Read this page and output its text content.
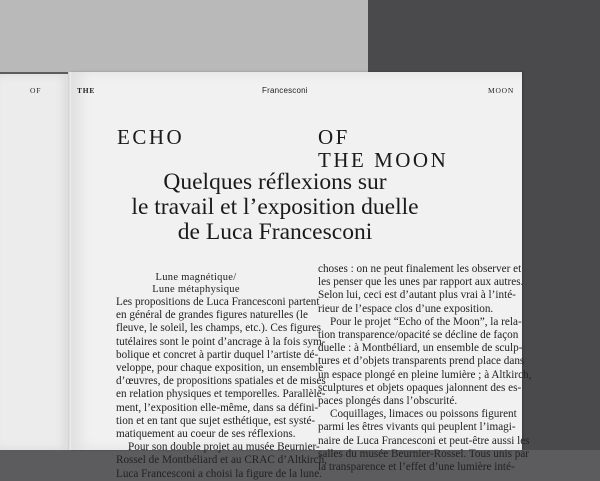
OF	THE	Francesconi	MOON
ECHO	OF
THE MOON
Quelques réflexions sur
le travail et l’exposition duelle
de Luca Francesconi
Lune magnétique/
Lune métaphysique
Les propositions de Luca Francesconi partent
en général de grandes figures naturelles (le
fleuve, le soleil, les champs, etc.). Ces figures
tutélaires sont le point d’ancrage à la fois sym-
bolique et concret à partir duquel l’artiste dé-
veloppe, pour chaque exposition, un ensemble
d’œuvres, de propositions spatiales et de mises
en relation physiques et temporelles. Parallèle-
ment, l’exposition elle-même, dans sa défini-
tion et en tant que sujet esthétique, est systé-
matiquement au coeur de ses réflexions.
Pour son double projet au musée Beurnier-
Rossel de Montbéliard et au CRAC d’Altkirch,
Luca Francesconi a choisi la figure de la lune.
choses : on ne peut finalement les observer et
les penser que les unes par rapport aux autres.
Selon lui, ceci est d’autant plus vrai à l’inté-
rieur de l’espace clos d’une exposition.
Pour le projet “Echo of the Moon”, la rela-
tion transparence/opacité se décline de façon
duelle : à Montbéliard, un ensemble de sculp-
tures et d’objets transparents prend place dans
un espace plongé en pleine lumière ; à Altkirch,
sculptures et objets opaques jalonnent des es-
paces plongés dans l’obscurité.
Coquillages, limaces ou poissons figurent
parmi les êtres vivants qui peuplent l’imagi-
naire de Luca Francesconi et peut-être aussi les
salles du musée Beurnier-Rossel. Tous unis par
la transparence et l’effet d’une lumière inté-
